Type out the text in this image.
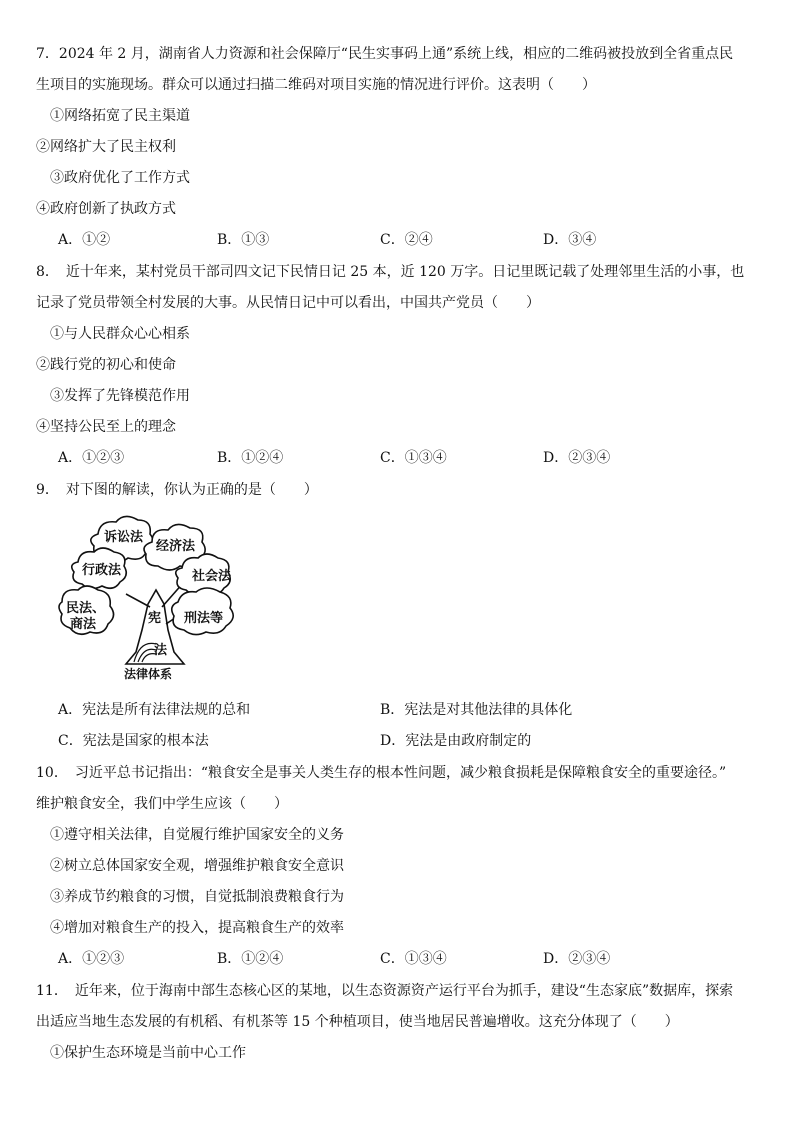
7．2024 年 2 月，湖南省人力资源和社会保障厅“民生实事码上通”系统上线，相应的二维码被投放到全省重点民
生项目的实施现场。群众可以通过扫描二维码对项目实施的情况进行评价。这表明（　　）
①网络拓宽了民主渠道
②网络扩大了民主权利
③政府优化了工作方式
④政府创新了执政方式
A．①②	B．①③	C．②④	D．③④
8．　近十年来，某村党员干部司四文记下民情日记 25 本，近 120 万字。日记里既记载了处理邻里生活的小事，也
记录了党员带领全村发展的大事。从民情日记中可以看出，中国共产党员（　　）
①与人民群众心心相系
②践行党的初心和使命
③发挥了先锋模范作用
④坚持公民至上的理念
A．①②③	B．①②④	C．①③④	D．②③④
9．　对下图的解读，你认为正确的是（　　）
诉讼法
经济法
行政法	社会法
民法、
商法	刑法等
宪
法
法律体系
A．宪法是所有法律法规的总和	B．宪法是对其他法律的具体化
C．宪法是国家的根本法	D．宪法是由政府制定的
10．　习近平总书记指出：“粮食安全是事关人类生存的根本性问题，减少粮食损耗是保障粮食安全的重要途径。”
维护粮食安全，我们中学生应该（　　）
①遵守相关法律，自觉履行维护国家安全的义务
②树立总体国家安全观，增强维护粮食安全意识
③养成节约粮食的习惯，自觉抵制浪费粮食行为
④增加对粮食生产的投入，提高粮食生产的效率
A．①②③	B．①②④	C．①③④	D．②③④
11．　近年来，位于海南中部生态核心区的某地，以生态资源资产运行平台为抓手，建设“生态家底”数据库，探索
出适应当地生态发展的有机稻、有机茶等 15 个种植项目，使当地居民普遍增收。这充分体现了（　　）
①保护生态环境是当前中心工作
